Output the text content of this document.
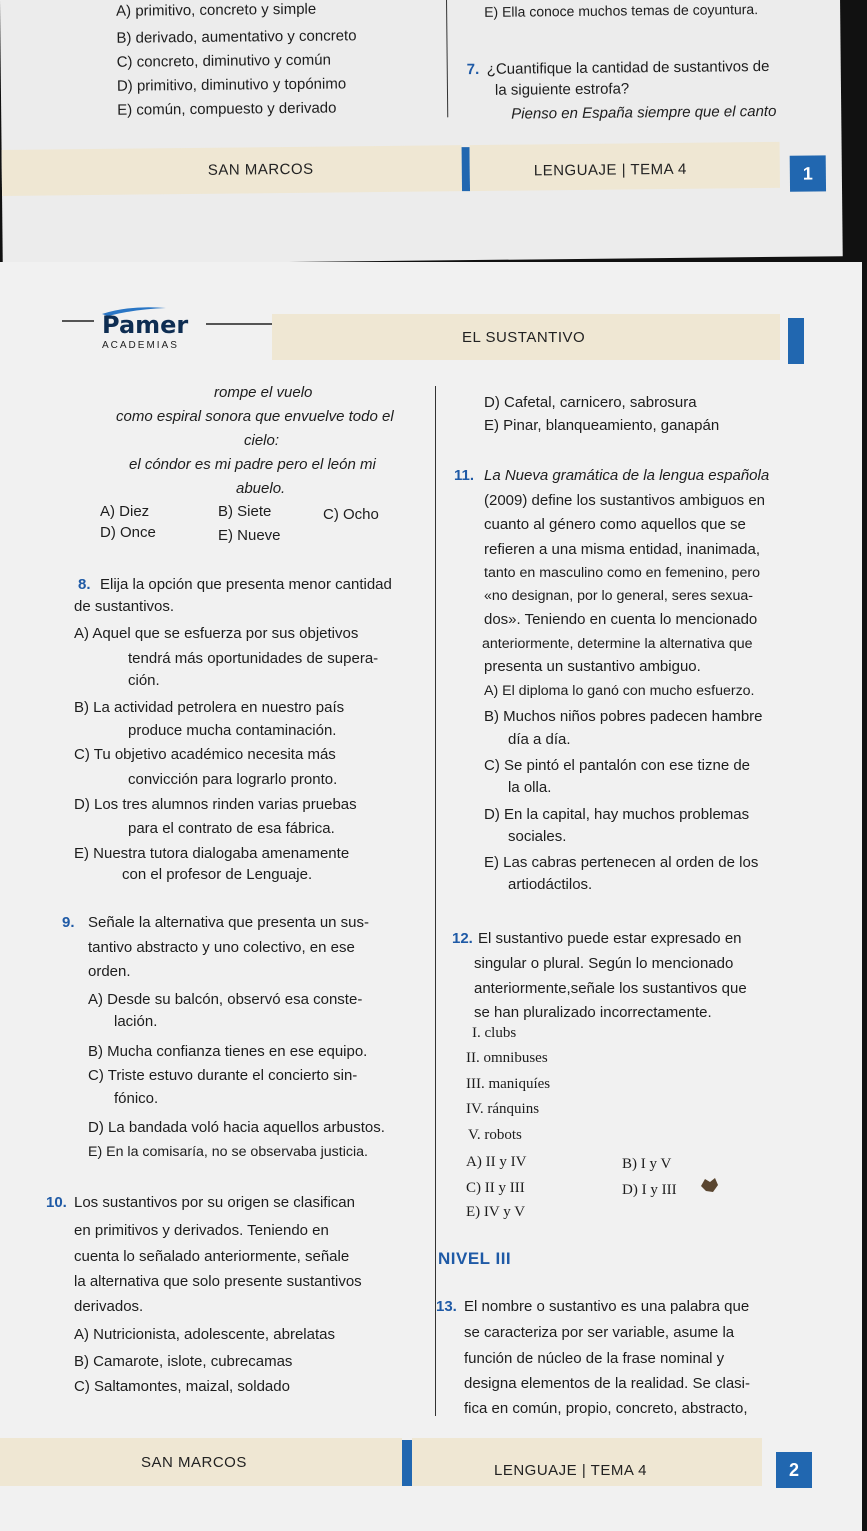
A) primitivo, concreto y simple
B) derivado, aumentativo y concreto
C) concreto, diminutivo y común
D) primitivo, diminutivo y topónimo
E) común, compuesto y derivado
E) Ella conoce muchos temas de coyuntura.
7. ¿Cuantifique la cantidad de sustantivos de
la siguiente estrofa?
Pienso en España siempre que el canto
SAN MARCOS	LENGUAJE | TEMA 4	1
Pamer
ACADEMIAS	EL SUSTANTIVO
rompe el vuelo
como espiral sonora que envuelve todo el
cielo:
el cóndor es mi padre pero el león mi
abuelo.
A) Diez	B) Siete	C) Ocho
D) Once	E) Nueve
8. Elija la opción que presenta menor cantidad
de sustantivos.
A) Aquel que se esfuerza por sus objetivos
tendrá más oportunidades de supera-
ción.
B) La actividad petrolera en nuestro país
produce mucha contaminación.
C) Tu objetivo académico necesita más
convicción para lograrlo pronto.
D) Los tres alumnos rinden varias pruebas
para el contrato de esa fábrica.
E) Nuestra tutora dialogaba amenamente
con el profesor de Lenguaje.
9. Señale la alternativa que presenta un sus-
tantivo abstracto y uno colectivo, en ese
orden.
A) Desde su balcón, observó esa conste-
lación.
B) Mucha confianza tienes en ese equipo.
C) Triste estuvo durante el concierto sin-
fónico.
D) La bandada voló hacia aquellos arbustos.
E) En la comisaría, no se observaba justicia.
10. Los sustantivos por su origen se clasifican
en primitivos y derivados. Teniendo en
cuenta lo señalado anteriormente, señale
la alternativa que solo presente sustantivos
derivados.
A) Nutricionista, adolescente, abrelatas
B) Camarote, islote, cubrecamas
C) Saltamontes, maizal, soldado
D) Cafetal, carnicero, sabrosura
E) Pinar, blanqueamiento, ganapán
11. La Nueva gramática de la lengua española
(2009) define los sustantivos ambiguos en
cuanto al género como aquellos que se
refieren a una misma entidad, inanimada,
tanto en masculino como en femenino, pero
«no designan, por lo general, seres sexua-
dos». Teniendo en cuenta lo mencionado
anteriormente, determine la alternativa que
presenta un sustantivo ambiguo.
A) El diploma lo ganó con mucho esfuerzo.
B) Muchos niños pobres padecen hambre
día a día.
C) Se pintó el pantalón con ese tizne de
la olla.
D) En la capital, hay muchos problemas
sociales.
E) Las cabras pertenecen al orden de los
artiodáctilos.
12. El sustantivo puede estar expresado en
singular o plural. Según lo mencionado
anteriormente,señale los sustantivos que
se han pluralizado incorrectamente.
I. clubs
II. omnibuses
III. maniquíes
IV. ránquins
V. robots
A) II y IV	B) I y V
C) II y III	D) I y III
E) IV y V
NIVEL III
13. El nombre o sustantivo es una palabra que
se caracteriza por ser variable, asume la
función de núcleo de la frase nominal y
designa elementos de la realidad. Se clasi-
fica en común, propio, concreto, abstracto,
SAN MARCOS	LENGUAJE | TEMA 4	2
